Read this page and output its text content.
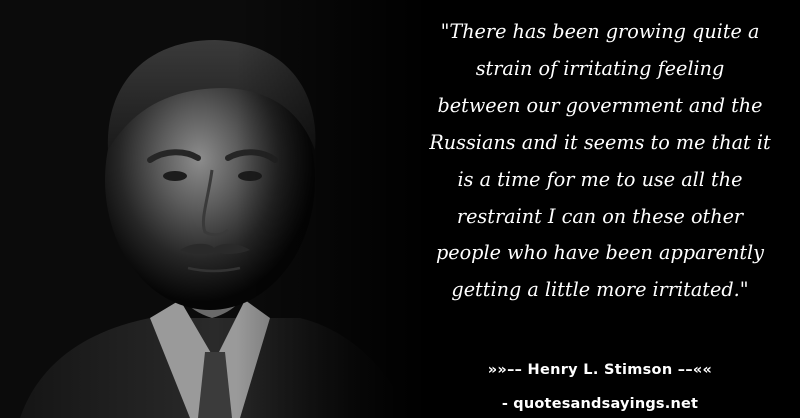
"There has been growing quite a
strain of irritating feeling
between our government and the
Russians and it seems to me that it
is a time for me to use all the
restraint I can on these other
people who have been apparently
getting a little more irritated."

»»–– Henry L. Stimson ––««
- quotesandsayings.net
